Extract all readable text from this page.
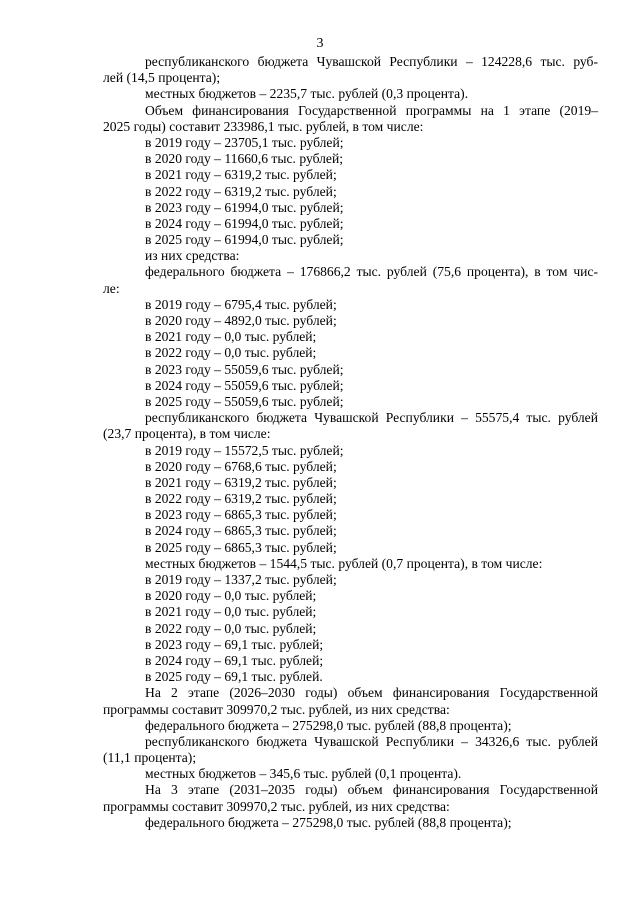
3
республиканского бюджета Чувашской Республики – 124228,6 тыс. руб-
лей (14,5 процента);
местных бюджетов – 2235,7 тыс. рублей (0,3 процента).
Объем финансирования Государственной программы на 1 этапе (2019–
2025 годы) составит 233986,1 тыс. рублей, в том числе:
в 2019 году – 23705,1 тыс. рублей;
в 2020 году – 11660,6 тыс. рублей;
в 2021 году – 6319,2 тыс. рублей;
в 2022 году – 6319,2 тыс. рублей;
в 2023 году – 61994,0 тыс. рублей;
в 2024 году – 61994,0 тыс. рублей;
в 2025 году – 61994,0 тыс. рублей;
из них средства:
федерального бюджета – 176866,2 тыс. рублей (75,6 процента), в том чис-
ле:
в 2019 году – 6795,4 тыс. рублей;
в 2020 году – 4892,0 тыс. рублей;
в 2021 году – 0,0 тыс. рублей;
в 2022 году – 0,0 тыс. рублей;
в 2023 году – 55059,6 тыс. рублей;
в 2024 году – 55059,6 тыс. рублей;
в 2025 году – 55059,6 тыс. рублей;
республиканского бюджета Чувашской Республики – 55575,4 тыс. рублей
(23,7 процента), в том числе:
в 2019 году – 15572,5 тыс. рублей;
в 2020 году – 6768,6 тыс. рублей;
в 2021 году – 6319,2 тыс. рублей;
в 2022 году – 6319,2 тыс. рублей;
в 2023 году – 6865,3 тыс. рублей;
в 2024 году – 6865,3 тыс. рублей;
в 2025 году – 6865,3 тыс. рублей;
местных бюджетов – 1544,5 тыс. рублей (0,7 процента), в том числе:
в 2019 году – 1337,2 тыс. рублей;
в 2020 году – 0,0 тыс. рублей;
в 2021 году – 0,0 тыс. рублей;
в 2022 году – 0,0 тыс. рублей;
в 2023 году – 69,1 тыс. рублей;
в 2024 году – 69,1 тыс. рублей;
в 2025 году – 69,1 тыс. рублей.
На 2 этапе (2026–2030 годы) объем финансирования Государственной
программы составит 309970,2 тыс. рублей, из них средства:
федерального бюджета – 275298,0 тыс. рублей (88,8 процента);
республиканского бюджета Чувашской Республики – 34326,6 тыс. рублей
(11,1 процента);
местных бюджетов – 345,6 тыс. рублей (0,1 процента).
На 3 этапе (2031–2035 годы) объем финансирования Государственной
программы составит 309970,2 тыс. рублей, из них средства:
федерального бюджета – 275298,0 тыс. рублей (88,8 процента);
